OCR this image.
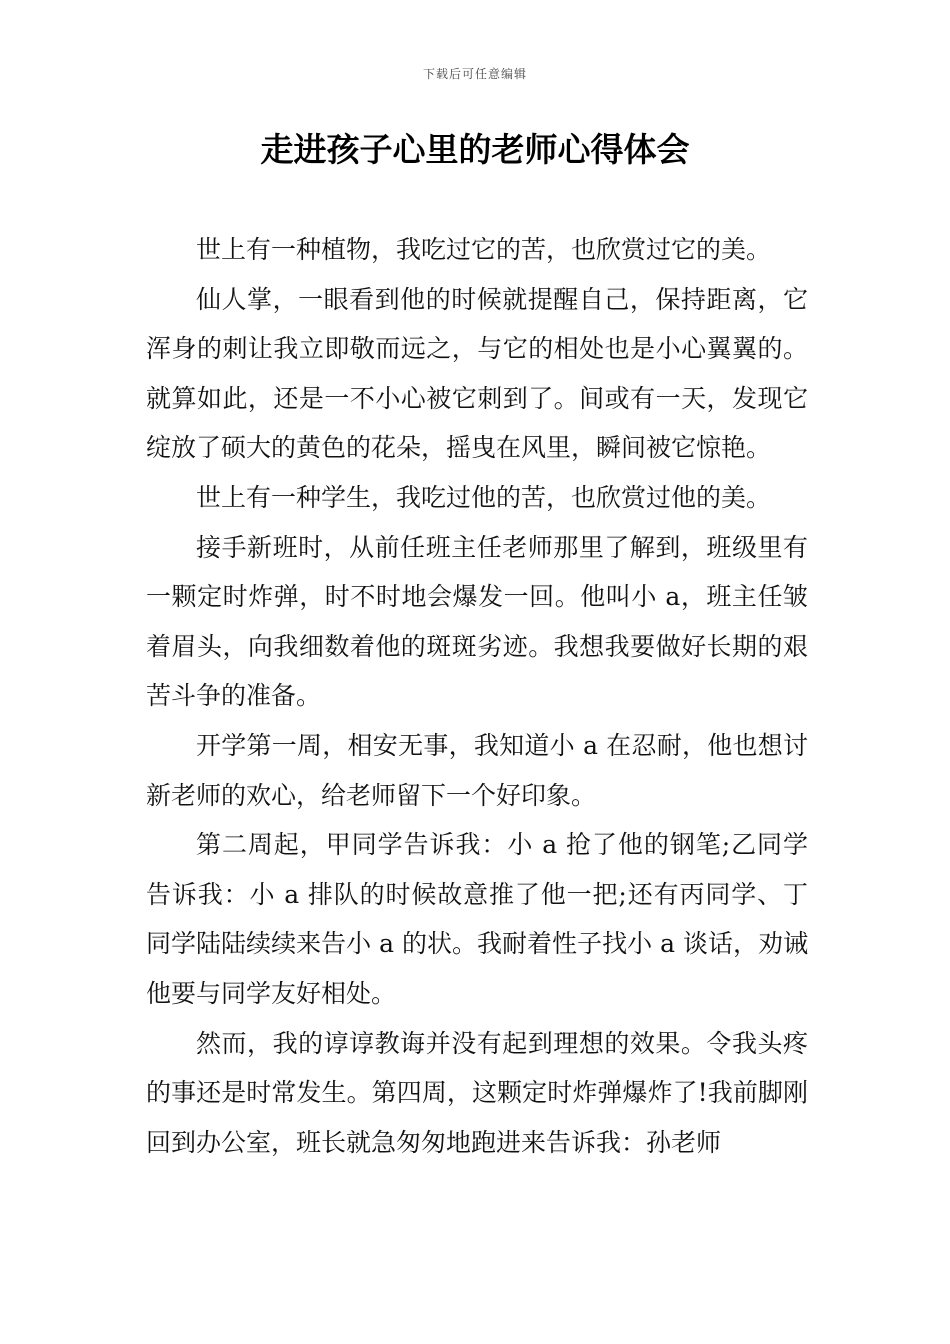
下载后可任意编辑
走进孩子心里的老师心得体会

世上有一种植物，我吃过它的苦，也欣赏过它的美。

仙人掌，一眼看到他的时候就提醒自己，保持距离，它浑身的刺让我立即敬而远之，与它的相处也是小心翼翼的。就算如此，还是一不小心被它刺到了。间或有一天，发现它绽放了硕大的黄色的花朵，摇曳在风里，瞬间被它惊艳。

世上有一种学生，我吃过他的苦，也欣赏过他的美。

接手新班时，从前任班主任老师那里了解到，班级里有一颗定时炸弹，时不时地会爆发一回。他叫小 a，班主任皱着眉头，向我细数着他的斑斑劣迹。我想我要做好长期的艰苦斗争的准备。

开学第一周，相安无事，我知道小 a 在忍耐，他也想讨新老师的欢心，给老师留下一个好印象。

第二周起，甲同学告诉我：小 a 抢了他的钢笔;乙同学告诉我：小 a 排队的时候故意推了他一把;还有丙同学、丁同学陆陆续续来告小 a 的状。我耐着性子找小 a 谈话，劝诫他要与同学友好相处。

然而，我的谆谆教诲并没有起到理想的效果。令我头疼的事还是时常发生。第四周，这颗定时炸弹爆炸了!我前脚刚回到办公室，班长就急匆匆地跑进来告诉我：孙老师
